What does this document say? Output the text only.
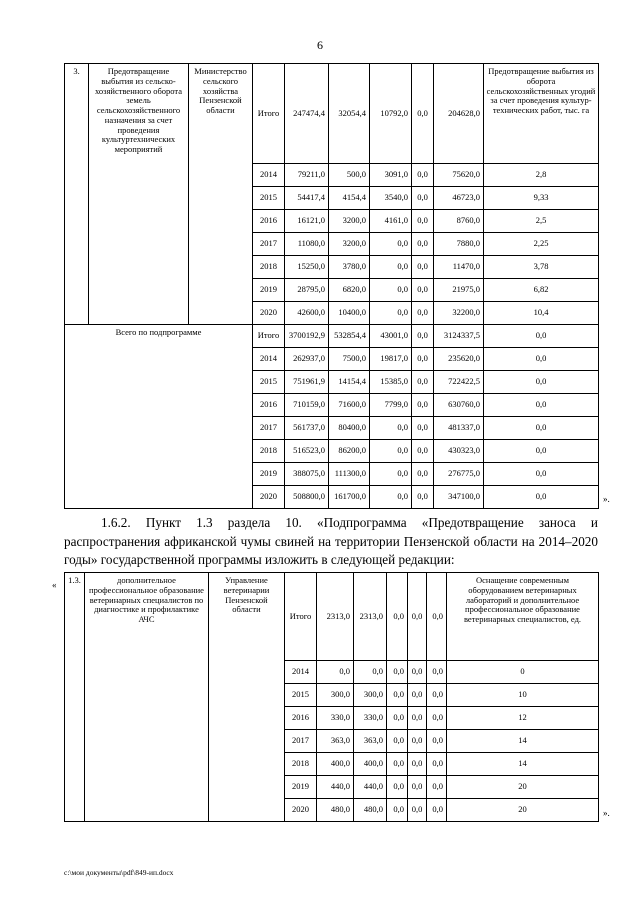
6
3.	Предотвращение выбытия из сельско-хозяйственного оборота земель сельскохозяйственного назначения за счет проведения культуртехнических мероприятий	Министерство сельского хозяйства Пензенской области	Итого	247474,4	32054,4	10792,0	0,0	204628,0	Предотвращение выбытия из оборота сельскохозяйственных угодий за счет проведения культур-технических работ, тыс. га
			2014	79211,0	500,0	3091,0	0,0	75620,0	2,8
			2015	54417,4	4154,4	3540,0	0,0	46723,0	9,33
			2016	16121,0	3200,0	4161,0	0,0	8760,0	2,5
			2017	11080,0	3200,0	0,0	0,0	7880,0	2,25
			2018	15250,0	3780,0	0,0	0,0	11470,0	3,78
			2019	28795,0	6820,0	0,0	0,0	21975,0	6,82
			2020	42600,0	10400,0	0,0	0,0	32200,0	10,4
Всего по подпрограмме			Итого	3700192,9	532854,4	43001,0	0,0	3124337,5	0,0
			2014	262937,0	7500,0	19817,0	0,0	235620,0	0,0
			2015	751961,9	14154,4	15385,0	0,0	722422,5	0,0
			2016	710159,0	71600,0	7799,0	0,0	630760,0	0,0
			2017	561737,0	80400,0	0,0	0,0	481337,0	0,0
			2018	516523,0	86200,0	0,0	0,0	430323,0	0,0
			2019	388075,0	111300,0	0,0	0,0	276775,0	0,0
			2020	508800,0	161700,0	0,0	0,0	347100,0	0,0	».
1.6.2. Пункт 1.3 раздела 10. «Подпрограмма «Предотвращение заноса и распространения африканской чумы свиней на территории Пензенской области на 2014–2020 годы» государственной программы изложить в следующей редакции:
« 1.3.	дополнительное профессиональное образование ветеринарных специалистов по диагностике и профилактике АЧС	Управление ветеринарии Пензенской области	Итого	2313,0	2313,0	0,0	0,0	0,0	Оснащение современным оборудованием ветеринарных лабораторий и дополнительное профессиональное образование ветеринарных специалистов, ед.
			2014	0,0	0,0	0,0	0,0	0,0	0
			2015	300,0	300,0	0,0	0,0	0,0	10
			2016	330,0	330,0	0,0	0,0	0,0	12
			2017	363,0	363,0	0,0	0,0	0,0	14
			2018	400,0	400,0	0,0	0,0	0,0	14
			2019	440,0	440,0	0,0	0,0	0,0	20
			2020	480,0	480,0	0,0	0,0	0,0	20	».
c:\мои документы\pdf\849-ип.docx
